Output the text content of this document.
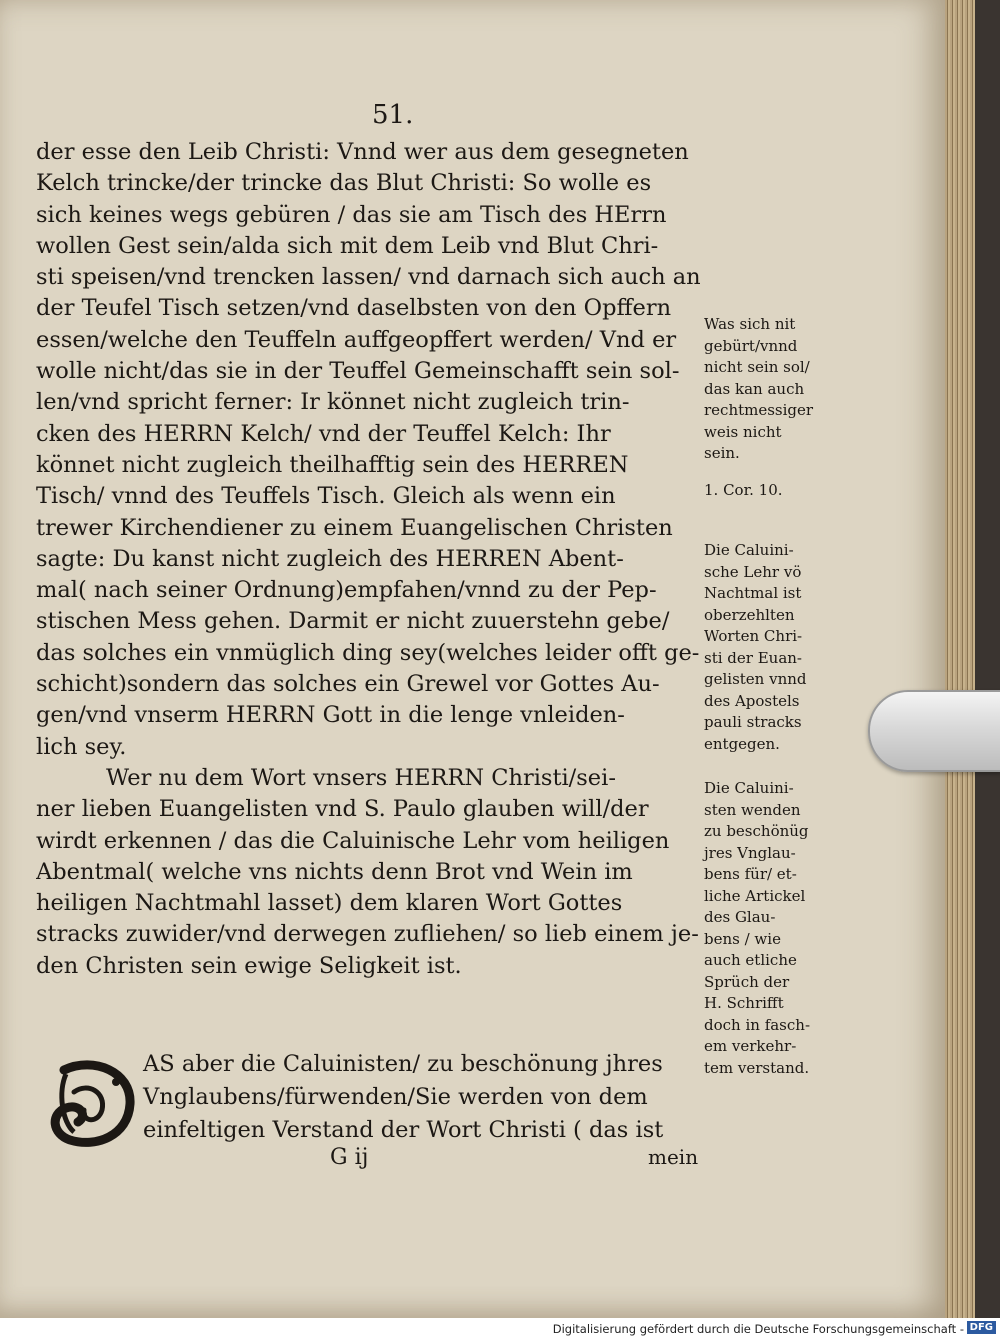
51.
der esse den Leib Christi: Vnnd wer aus dem gesegneten
Kelch trincke/der trincke das Blut Christi: So wolle es
sich keines wegs gebüren / das sie am Tisch des HErrn
wollen Gest sein/alda sich mit dem Leib vnd Blut Chri-
sti speisen/vnd trencken lassen/ vnd darnach sich auch an
der Teufel Tisch setzen/vnd daselbsten von den Opffern
essen/welche den Teuffeln auffgeopffert werden/ Vnd er
wolle nicht/das sie in der Teuffel Gemeinschafft sein sol-
len/vnd spricht ferner: Ir könnet nicht zugleich trin-
cken des HERRN Kelch/ vnd der Teuffel Kelch: Ihr
könnet nicht zugleich theilhafftig sein des HERREN
Tisch/ vnnd des Teuffels Tisch. Gleich als wenn ein
trewer Kirchendiener zu einem Euangelischen Christen
sagte: Du kanst nicht zugleich des HERREN Abent-
mal( nach seiner Ordnung)empfahen/vnnd zu der Pep-
stischen Mess gehen. Darmit er nicht zuuerstehn gebe/
das solches ein vnmüglich ding sey(welches leider offt ge-
schicht)sondern das solches ein Grewel vor Gottes Au-
gen/vnd vnserm HERRN Gott in die lenge vnleiden-
lich sey.
Wer nu dem Wort vnsers HERRN Christi/sei-
ner lieben Euangelisten vnd S. Paulo glauben will/der
wirdt erkennen / das die Caluinische Lehr vom heiligen
Abentmal( welche vns nichts denn Brot vnd Wein im
heiligen Nachtmahl lasset) dem klaren Wort Gottes
stracks zuwider/vnd derwegen zufliehen/ so lieb einem je-
den Christen sein ewige Seligkeit ist.
Was sich nit
gebürt/vnnd
nicht sein sol/
das kan auch
rechtmessiger
weis nicht
sein.
1. Cor. 10.
Die Caluini-
sche Lehr vö
Nachtmal ist
oberzehlten
Worten Chri-
sti der Euan-
gelisten vnnd
des Apostels
pauli stracks
entgegen.
Die Caluini-
sten wenden
zu beschönüg
jres Vnglau-
bens für/ et-
liche Artickel
des Glau-
bens / wie
auch etliche
Sprüch der
H. Schrifft
doch in fasch-
em verkehr-
tem verstand.
AS aber die Caluinisten/ zu beschönung jhres
Vnglaubens/fürwenden/Sie werden von dem
einfeltigen Verstand der Wort Christi ( das ist
G ij	mein
Digitalisierung gefördert durch die Deutsche Forschungsgemeinschaft - DFG
